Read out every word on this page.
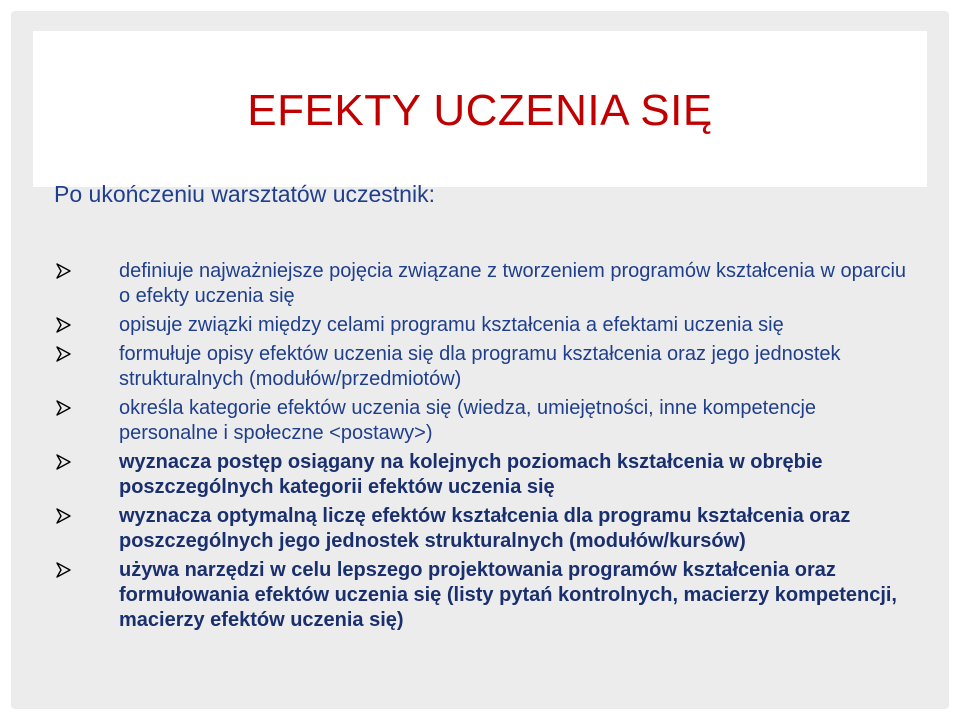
EFEKTY UCZENIA SIĘ
Po ukończeniu warsztatów uczestnik:
definiuje najważniejsze pojęcia związane z tworzeniem programów kształcenia w oparciu o efekty uczenia się
opisuje związki między celami programu kształcenia a efektami uczenia się
formułuje opisy efektów uczenia się dla programu kształcenia oraz jego jednostek strukturalnych (modułów/przedmiotów)
określa kategorie efektów uczenia się (wiedza, umiejętności, inne kompetencje personalne i społeczne <postawy>)
wyznacza postęp osiągany na kolejnych poziomach kształcenia w obrębie poszczególnych kategorii efektów uczenia się
wyznacza optymalną liczę efektów kształcenia dla programu kształcenia oraz poszczególnych jego jednostek strukturalnych (modułów/kursów)
używa narzędzi w celu lepszego projektowania programów kształcenia oraz formułowania efektów uczenia się (listy pytań kontrolnych, macierzy kompetencji, macierzy efektów uczenia się)
